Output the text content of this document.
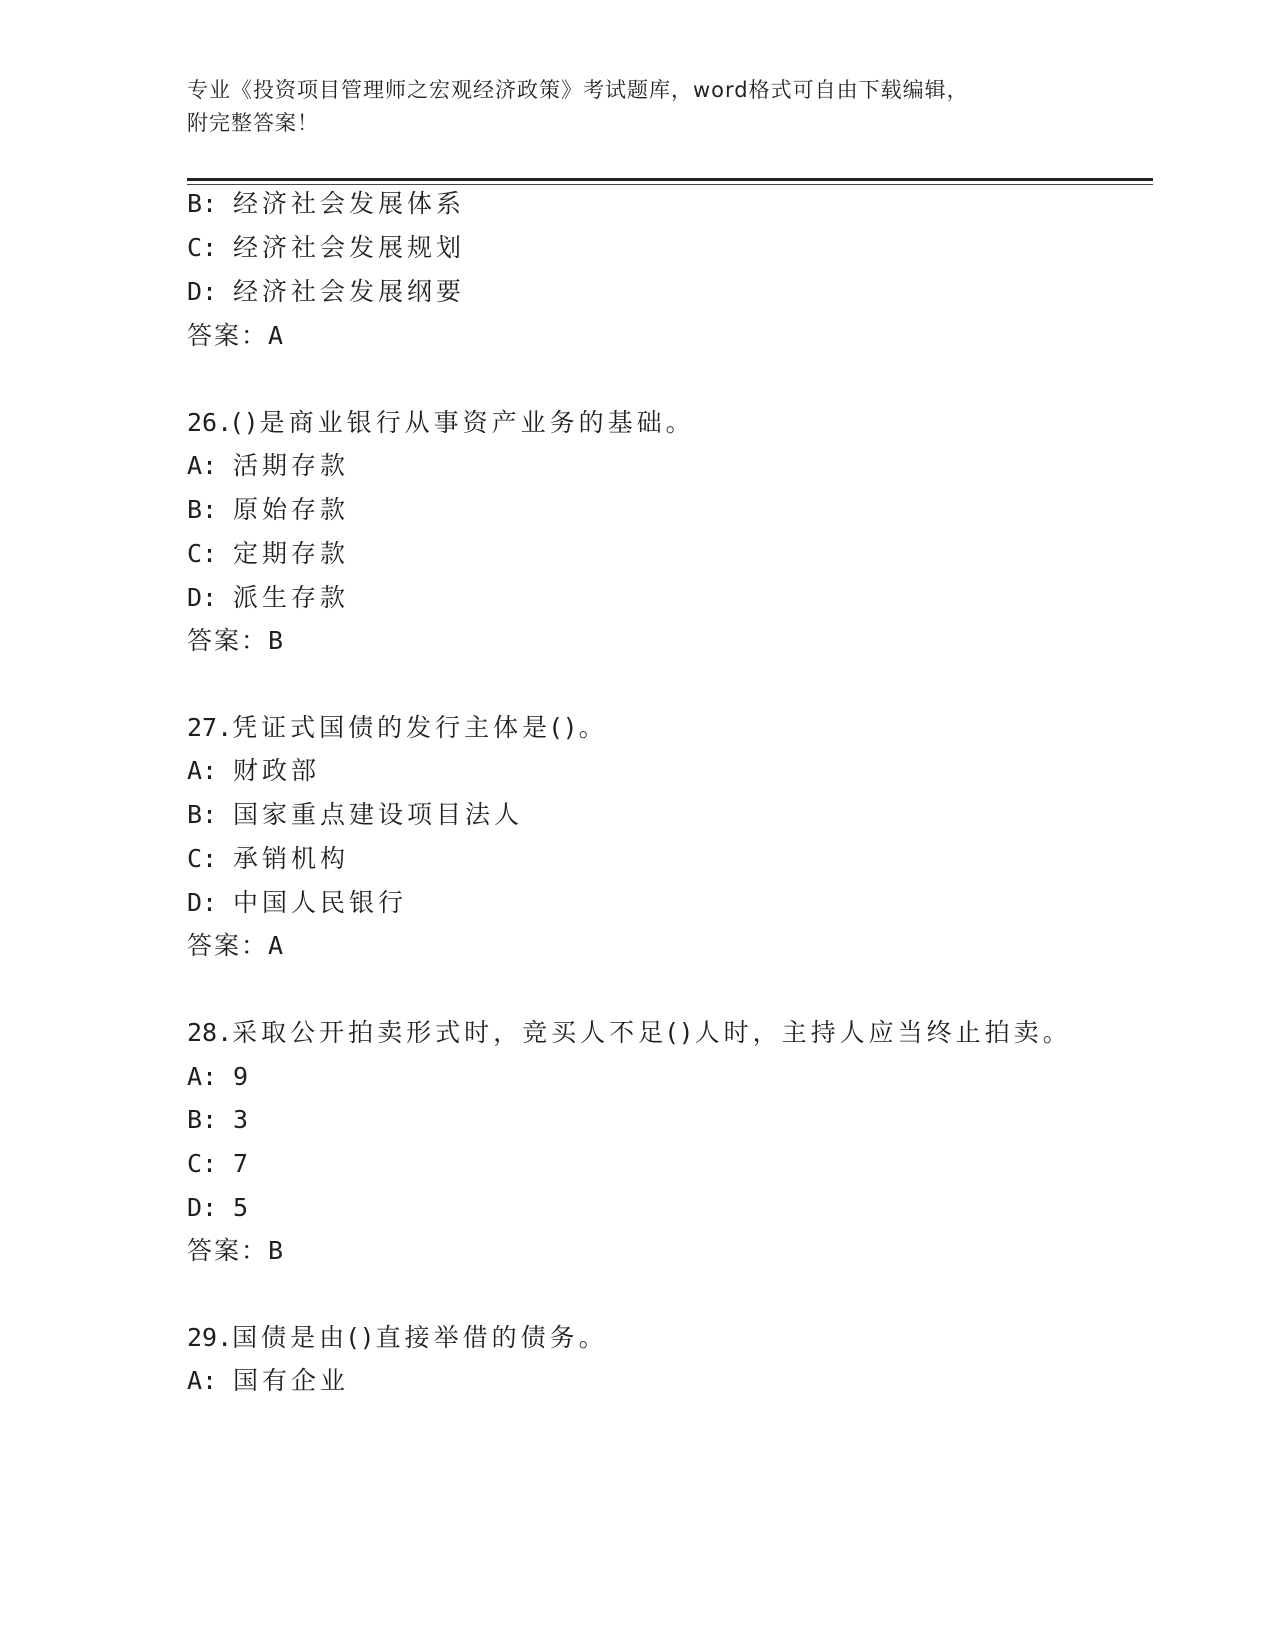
专业《投资项目管理师之宏观经济政策》考试题库，word格式可自由下载编辑，
附完整答案！
B: 经济社会发展体系
C: 经济社会发展规划
D: 经济社会发展纲要
答案：A
26.()是商业银行从事资产业务的基础。
A: 活期存款
B: 原始存款
C: 定期存款
D: 派生存款
答案：B
27.凭证式国债的发行主体是()。
A: 财政部
B: 国家重点建设项目法人
C: 承销机构
D: 中国人民银行
答案：A
28.采取公开拍卖形式时，竞买人不足()人时，主持人应当终止拍卖。
A: 9
B: 3
C: 7
D: 5
答案：B
29.国债是由()直接举借的债务。
A: 国有企业
